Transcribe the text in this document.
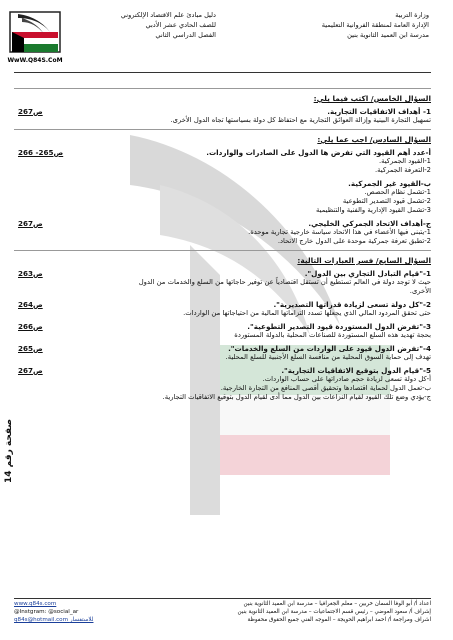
WwW.Q84S.CoM
دليل مبادئ علم الاقتصاد الإلكتروني
للصف الحادي عشر الأدبي
الفصل الدراسي الثاني
وزارة التربية
الإدارة العامة لمنطقة الفروانية التعليمية
مدرسة ابن العميد الثانوية بنين
السؤال الخامس/ اكتب فيما يلي:
1- أهداف الاتفاقيات التجارية.
ص267
تسهيل التجارة البينية وإزالة العوائق التجارية مع احتفاظ كل دولة بسياستها تجاه الدول الأخرى.
السؤال السادس/ اجب عما يلي:
أ-عدد أهم القيود التي تفرض ها الدول على الصادرات والواردات.
ص265- 266
1-القيود الجمركية.
2-التعرفة الجمركية.
ب-القيود غير الجمركية.
1-تشمل نظام الحصص.
2-تشمل قيود التصدير التطوعية
3-تشمل القيود الإدارية والفنية والتنظيمية
ج-أهداف الاتحاد الجمركي الخليجي.
ص267
1-يتبنى فيها الأعضاء في هذا الاتحاد سياسة خارجية تجارية موحدة.
2-تطبق تعرفة جمركية موحدة على الدول خارج الاتحاد.
السؤال السابع/ فسر العبارات التالية:
1-"قيام التبادل التجاري بين الدول".
ص263
حيث لا توجد دولة في العالم تستطيع أن تستقل اقتصادياً عن توفير حاجاتها من السلع والخدمات من الدول
الأخرى.
2-"كل دولة تسعى لزيادة قدراتها التصديرية".
ص264
حتى تحقق المردود المالي الذي يجعلها تسدد التزاماتها المالية من احتياجاتها من الواردات.
3-"تفرض الدول المستوردة قيود التصدير التطوعية".
ص266
بحجة تهديد هذه السلع المستوردة للصناعات المحلية بالدولة المستوردة
4-"تفرض الدول قيود على الواردات من السلع والخدمات".
ص265
تهدف إلى حماية السوق المحلية من منافسة السلع الأجنبية للسلع المحلية.
5-"قيام الدول بتوقيع الاتفاقيات التجارية".
ص267
أ-كل دولة تسعى لزيادة حجم صادراتها على حساب الواردات.
ب-تعمل الدول لحماية اقتصادها وتحقيق أقصى المنافع من التجارة الخارجية.
ج-يؤدي وضع تلك القيود لقيام النزاعات بين الدول مما أدى لقيام الدول بتوقيع الاتفاقيات التجارية.
صفحة رقم 14
اعداد أ/ أبو الوفا السمان خربين – معلم الجغرافيا – مدرسة ابن العميد الثانوية بنين
إشراف أ/ سعود العوضي – رئيس قسم الاجتماعيات – مدرسة ابن العميد الثانوية بنين
اشراف ومراجعة أ/ احمد ابراهيم الحويجة – الموجه الفني جميع الحقوق محفوظة
www.q84s.com
@Instgram: @social_ar
q84s@hotmail.com للاستفسار
